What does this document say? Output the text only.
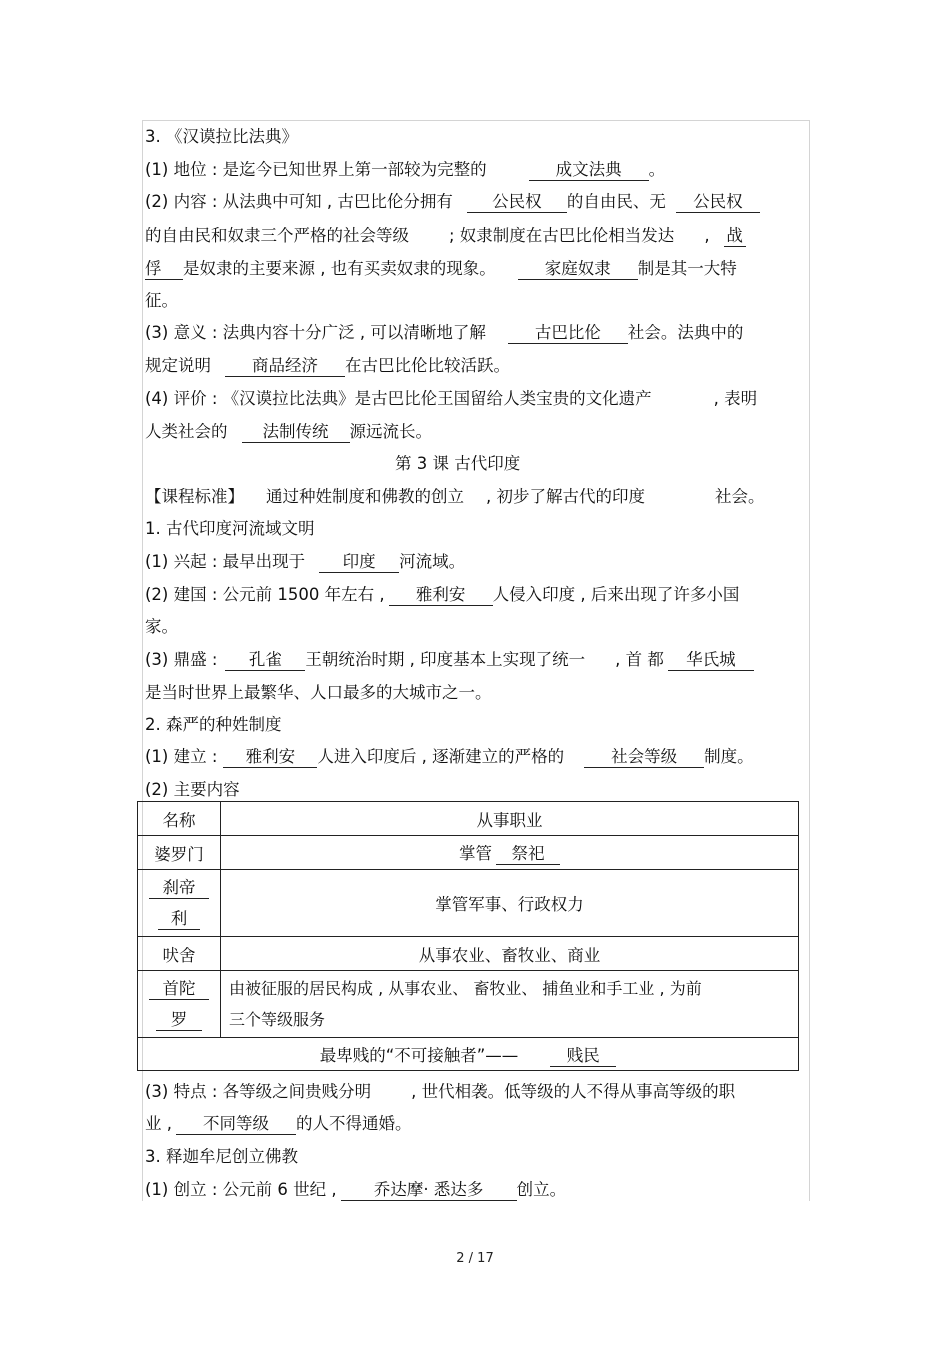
3. 《汉谟拉比法典》
(1) 地位 : 是迄今已知世界上第一部较为完整的	成文法典 。
(2) 内容 : 从法典中可知 , 古巴比伦分拥有 公民权 的自由民、无 公民权
的自由民和奴隶三个严格的社会等级 ; 奴隶制度在古巴比伦相当发达 , 战
俘 是奴隶的主要来源 , 也有买卖奴隶的现象。	家庭奴隶 制是其一大特
征。
(3) 意义 : 法典内容十分广泛 , 可以清晰地了解	古巴比伦 社会。法典中的
规定说明 商品经济 在古巴比伦比较活跃。
(4) 评价 : 《汉谟拉比法典》是古巴比伦王国留给人类宝贵的文化遗产	, 表明
人类社会的 法制传统 源远流长。
第 3 课 古代印度
【课程标准】 通过种姓制度和佛教的创立 , 初步了解古代的印度	社会。
1. 古代印度河流域文明
(1) 兴起 : 最早出现于 印度 河流域。
(2) 建国 : 公元前 1500 年左右 , 雅利安 人侵入印度 , 后来出现了许多小国
家。
(3) 鼎盛 : 孔雀 王朝统治时期 , 印度基本上实现了统一 , 首 都 华氏城
是当时世界上最繁华、人口最多的大城市之一。
2. 森严的种姓制度
(1) 建立 : 雅利安 人进入印度后 , 逐渐建立的严格的	社会等级 制度。
(2) 主要内容
名称	从事职业
婆罗门	掌管 祭祀
刹帝
利	掌管军事、行政权力
吠舍	从事农业、畜牧业、商业
首陀
罗	由被征服的居民构成 , 从事农业、 畜牧业、 捕鱼业和手工业 , 为前
三个等级服务
最卑贱的“不可接触者”—— 贱民	
(3) 特点 : 各等级之间贵贱分明 , 世代相袭。低等级的人不得从事高等级的职
业 , 不同等级 的人不得通婚。
3. 释迦牟尼创立佛教
(1) 创立 : 公元前 6 世纪 , 乔达摩· 悉达多 创立。
2 / 17
